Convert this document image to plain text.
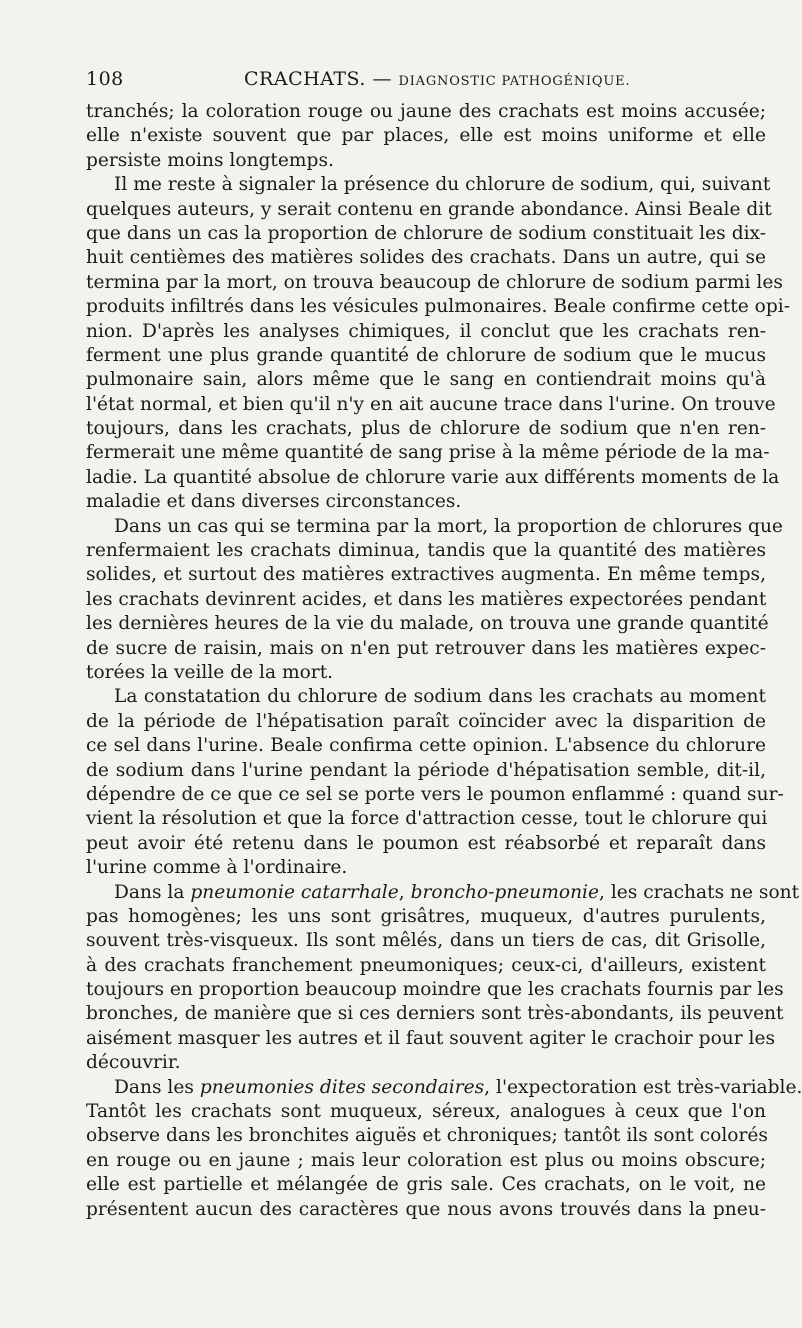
108	CRACHATS. — DIAGNOSTIC PATHOGÉNIQUE.
tranchés; la coloration rouge ou jaune des crachats est moins accusée;
elle n'existe souvent que par places, elle est moins uniforme et elle
persiste moins longtemps.
Il me reste à signaler la présence du chlorure de sodium, qui, suivant
quelques auteurs, y serait contenu en grande abondance. Ainsi Beale dit
que dans un cas la proportion de chlorure de sodium constituait les dix-
huit centièmes des matières solides des crachats. Dans un autre, qui se
termina par la mort, on trouva beaucoup de chlorure de sodium parmi les
produits infiltrés dans les vésicules pulmonaires. Beale confirme cette opi-
nion. D'après les analyses chimiques, il conclut que les crachats ren-
ferment une plus grande quantité de chlorure de sodium que le mucus
pulmonaire sain, alors même que le sang en contiendrait moins qu'à
l'état normal, et bien qu'il n'y en ait aucune trace dans l'urine. On trouve
toujours, dans les crachats, plus de chlorure de sodium que n'en ren-
fermerait une même quantité de sang prise à la même période de la ma-
ladie. La quantité absolue de chlorure varie aux différents moments de la
maladie et dans diverses circonstances.
Dans un cas qui se termina par la mort, la proportion de chlorures que
renfermaient les crachats diminua, tandis que la quantité des matières
solides, et surtout des matières extractives augmenta. En même temps,
les crachats devinrent acides, et dans les matières expectorées pendant
les dernières heures de la vie du malade, on trouva une grande quantité
de sucre de raisin, mais on n'en put retrouver dans les matières expec-
torées la veille de la mort.
La constatation du chlorure de sodium dans les crachats au moment
de la période de l'hépatisation paraît coïncider avec la disparition de
ce sel dans l'urine. Beale confirma cette opinion. L'absence du chlorure
de sodium dans l'urine pendant la période d'hépatisation semble, dit-il,
dépendre de ce que ce sel se porte vers le poumon enflammé : quand sur-
vient la résolution et que la force d'attraction cesse, tout le chlorure qui
peut avoir été retenu dans le poumon est réabsorbé et reparaît dans
l'urine comme à l'ordinaire.
Dans la pneumonie catarrhale, broncho-pneumonie, les crachats ne sont
pas homogènes; les uns sont grisâtres, muqueux, d'autres purulents,
souvent très-visqueux. Ils sont mêlés, dans un tiers de cas, dit Grisolle,
à des crachats franchement pneumoniques; ceux-ci, d'ailleurs, existent
toujours en proportion beaucoup moindre que les crachats fournis par les
bronches, de manière que si ces derniers sont très-abondants, ils peuvent
aisément masquer les autres et il faut souvent agiter le crachoir pour les
découvrir.
Dans les pneumonies dites secondaires, l'expectoration est très-variable.
Tantôt les crachats sont muqueux, séreux, analogues à ceux que l'on
observe dans les bronchites aiguës et chroniques; tantôt ils sont colorés
en rouge ou en jaune ; mais leur coloration est plus ou moins obscure;
elle est partielle et mélangée de gris sale. Ces crachats, on le voit, ne
présentent aucun des caractères que nous avons trouvés dans la pneu-
